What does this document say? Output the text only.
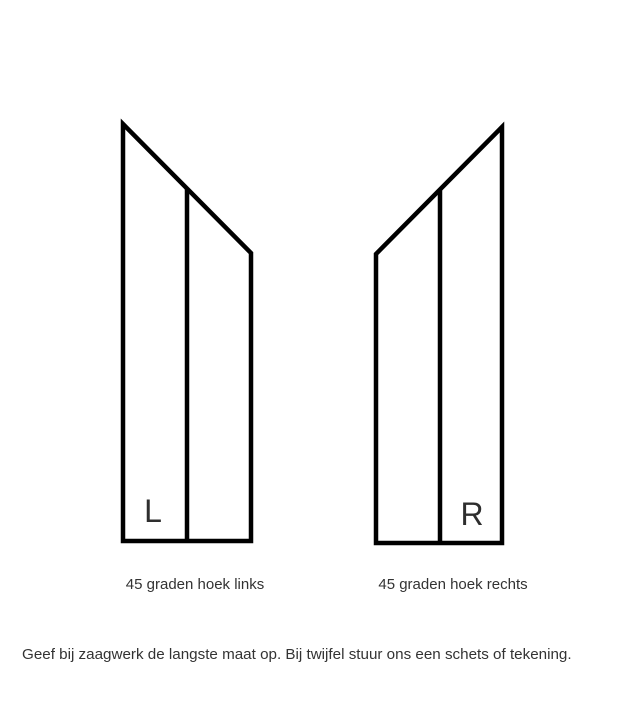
L	R
45 graden hoek links	45 graden hoek rechts
Geef bij zaagwerk de langste maat op. Bij twijfel stuur ons een schets of tekening.
